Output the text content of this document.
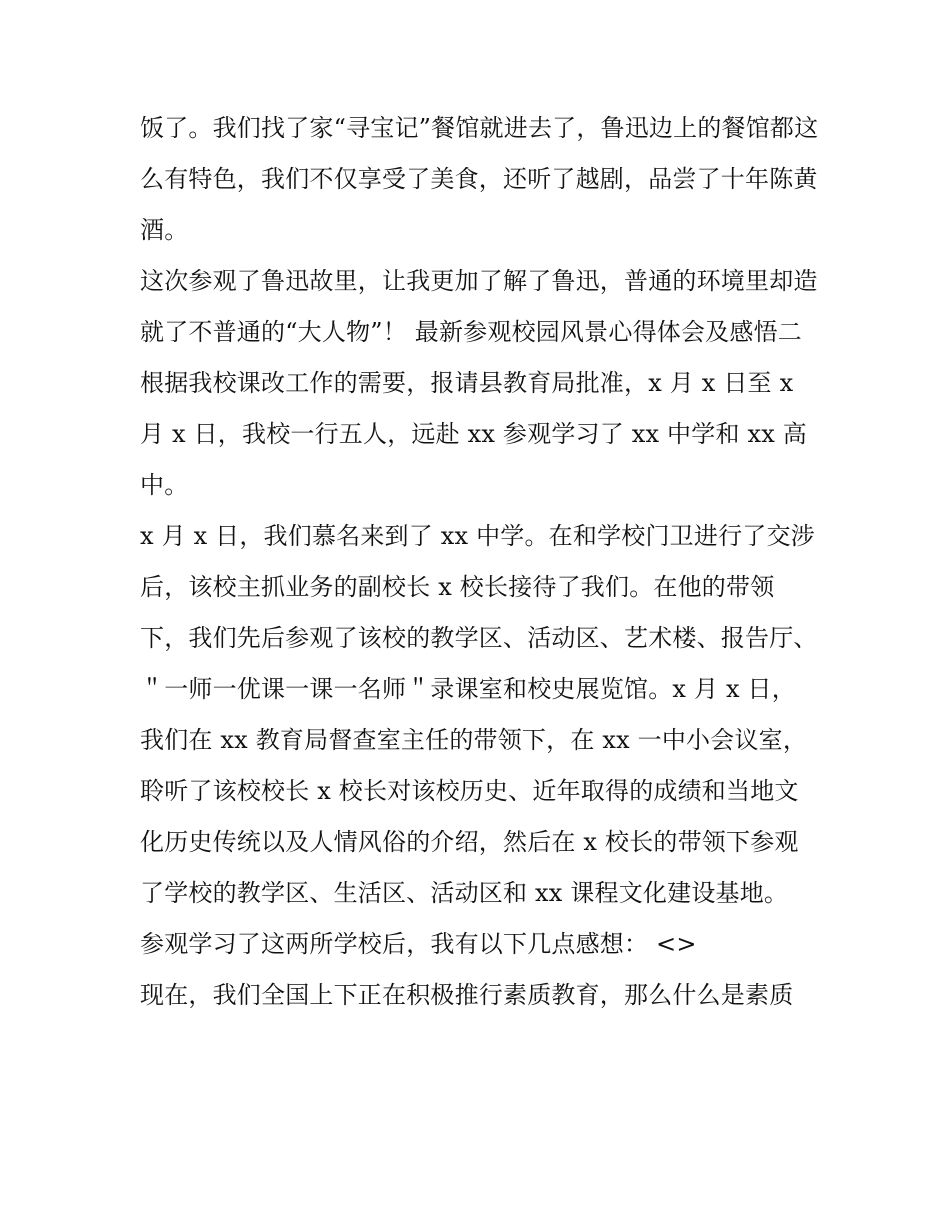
饭了。我们找了家“寻宝记”餐馆就进去了，鲁迅边上的餐馆都这么有特色，我们不仅享受了美食，还听了越剧，品尝了十年陈黄酒。

这次参观了鲁迅故里，让我更加了解了鲁迅，普通的环境里却造就了不普通的“大人物”！ 最新参观校园风景心得体会及感悟二

根据我校课改工作的需要，报请县教育局批准，x 月 x 日至 x 月 x 日，我校一行五人，远赴 xx 参观学习了 xx 中学和 xx 高中。

x 月 x 日，我们慕名来到了 xx 中学。在和学校门卫进行了交涉后，该校主抓业务的副校长 x 校长接待了我们。在他的带领下，我们先后参观了该校的教学区、活动区、艺术楼、报告厅、＂一师一优课一课一名师＂录课室和校史展览馆。x 月 x 日，我们在 xx 教育局督查室主任的带领下，在 xx 一中小会议室，聆听了该校校长 x 校长对该校历史、近年取得的成绩和当地文化历史传统以及人情风俗的介绍，然后在 x 校长的带领下参观了学校的教学区、生活区、活动区和 xx 课程文化建设基地。

参观学习了这两所学校后，我有以下几点感想： <>

现在，我们全国上下正在积极推行素质教育，那么什么是素质
